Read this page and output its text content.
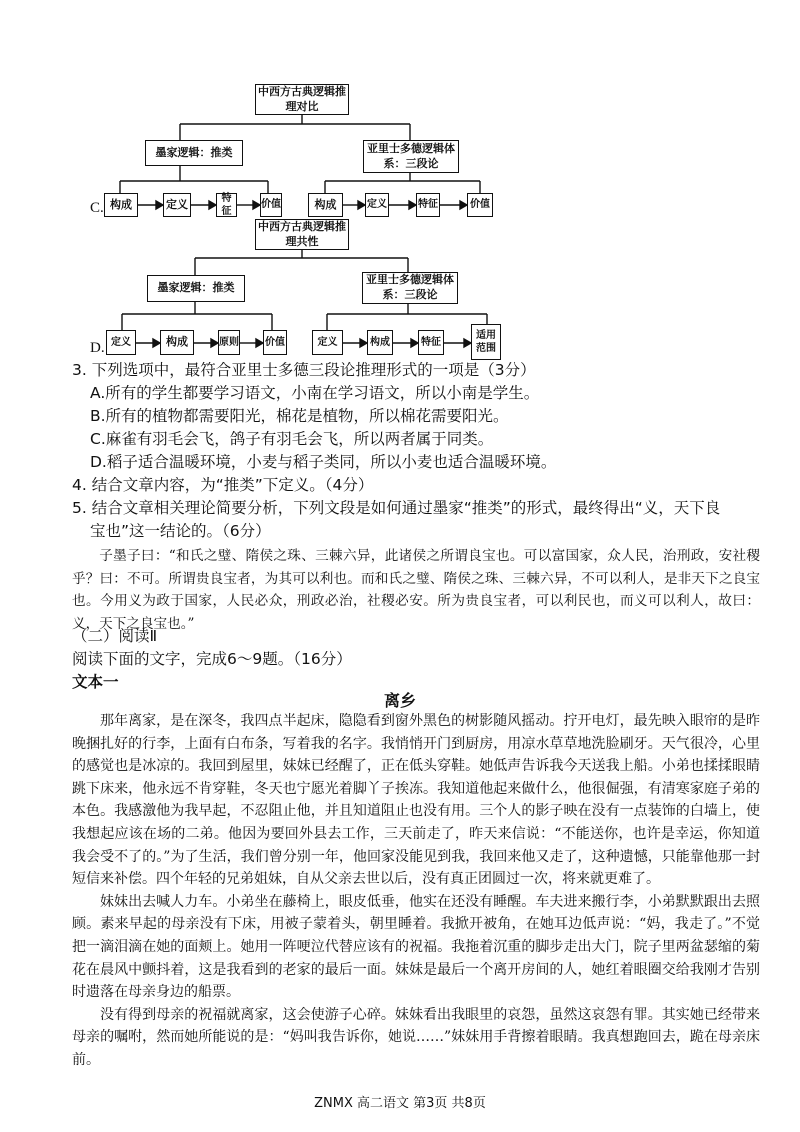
C.
中西方古典逻辑推理对比
墨家逻辑：推类	亚里士多德逻辑体系：三段论
构成	定义	特征
价值	构成	定义	特征	价值
D.
中西方古典逻辑推理共性
墨家逻辑：推类
亚里士多德逻辑体系：三段论
定义	构成	原则	价值	定义	构成	特征
适用范围
3. 下列选项中，最符合亚里士多德三段论推理形式的一项是（3分）
A.所有的学生都要学习语文，小南在学习语文，所以小南是学生。
B.所有的植物都需要阳光，棉花是植物，所以棉花需要阳光。
C.麻雀有羽毛会飞，鸽子有羽毛会飞，所以两者属于同类。
D.稻子适合温暖环境，小麦与稻子类同，所以小麦也适合温暖环境。
4. 结合文章内容，为“推类”下定义。（4分）
5. 结合文章相关理论简要分析，下列文段是如何通过墨家“推类”的形式，最终得出“义，天下良
宝也”这一结论的。（6分）

子墨子曰：“和氏之璧、隋侯之珠、三棘六异，此诸侯之所谓良宝也。可以富国家，众人民，治刑政，安社稷乎？曰：不可。所谓贵良宝者，为其可以利也。而和氏之璧、隋侯之珠、三棘六异，不可以利人，是非天下之良宝也。今用义为政于国家，人民必众，刑政必治，社稷必安。所为贵良宝者，可以利民也，而义可以利人，故曰：义，天下之良宝也。”

（二）阅读Ⅱ
阅读下面的文字，完成6～9题。（16分）
文本一
离乡

那年离家，是在深冬，我四点半起床，隐隐看到窗外黑色的树影随风摇动。拧开电灯，最先映入眼帘的是昨晚捆扎好的行李，上面有白布条，写着我的名字。我悄悄开门到厨房，用凉水草草地洗脸刷牙。天气很冷，心里的感觉也是冰凉的。我回到屋里，妹妹已经醒了，正在低头穿鞋。她低声告诉我今天送我上船。小弟也揉揉眼睛跳下床来，他永远不肯穿鞋，冬天也宁愿光着脚丫子挨冻。我知道他起来做什么，他很倔强，有清寒家庭子弟的本色。我感激他为我早起，不忍阻止他，并且知道阻止也没有用。三个人的影子映在没有一点装饰的白墙上，使我想起应该在场的二弟。他因为要回外县去工作，三天前走了，昨天来信说：“不能送你，也许是幸运，你知道我会受不了的。”为了生活，我们曾分别一年，他回家没能见到我，我回来他又走了，这种遗憾，只能靠他那一封短信来补偿。四个年轻的兄弟姐妹，自从父亲去世以后，没有真正团圆过一次，将来就更难了。

妹妹出去喊人力车。小弟坐在藤椅上，眼皮低垂，他实在还没有睡醒。车夫进来搬行李，小弟默默跟出去照顾。素来早起的母亲没有下床，用被子蒙着头，朝里睡着。我掀开被角，在她耳边低声说：“妈，我走了。”不觉把一滴泪滴在她的面颊上。她用一阵哽泣代替应该有的祝福。我拖着沉重的脚步走出大门，院子里两盆瑟缩的菊花在晨风中颤抖着，这是我看到的老家的最后一面。妹妹是最后一个离开房间的人，她红着眼圈交给我刚才告别时遗落在母亲身边的船票。

没有得到母亲的祝福就离家，这会使游子心碎。妹妹看出我眼里的哀怨，虽然这哀怨有罪。其实她已经带来母亲的嘱咐，然而她所能说的是：“妈叫我告诉你，她说……”妹妹用手背擦着眼睛。我真想跑回去，跪在母亲床前。

ZNMX 高二语文 第3页 共8页
